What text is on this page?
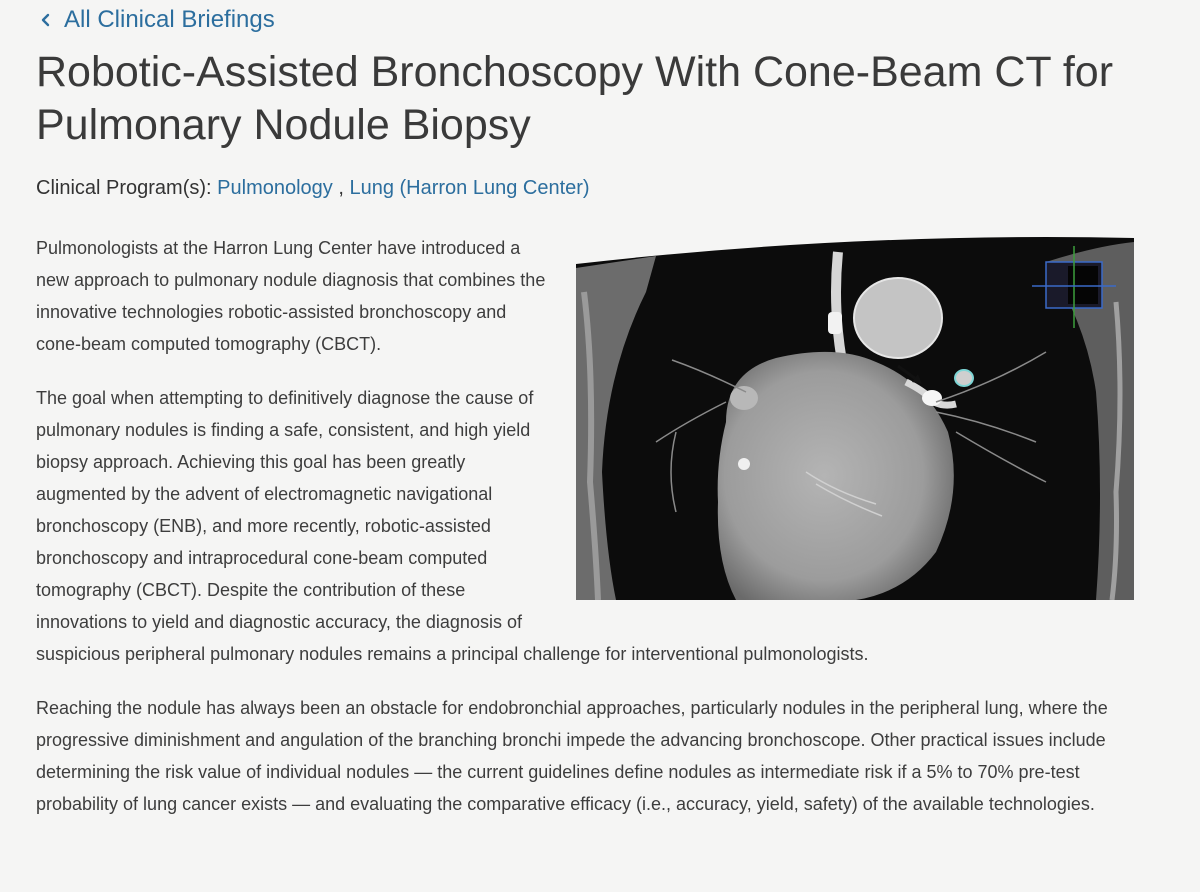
All Clinical Briefings
Robotic-Assisted Bronchoscopy With Cone-Beam CT for Pulmonary Nodule Biopsy
Clinical Program(s): Pulmonology , Lung (Harron Lung Center)

Pulmonologists at the Harron Lung Center have introduced a new approach to pulmonary nodule diagnosis that combines the innovative technologies robotic-assisted bronchoscopy and cone-beam computed tomography (CBCT).

The goal when attempting to definitively diagnose the cause of pulmonary nodules is finding a safe, consistent, and high yield biopsy approach. Achieving this goal has been greatly augmented by the advent of electromagnetic navigational bronchoscopy (ENB), and more recently, robotic-assisted bronchoscopy and intraprocedural cone-beam computed tomography (CBCT). Despite the contribution of these innovations to yield and diagnostic accuracy, the diagnosis of suspicious peripheral pulmonary nodules remains a principal challenge for interventional pulmonologists.

Reaching the nodule has always been an obstacle for endobronchial approaches, particularly nodules in the peripheral lung, where the progressive diminishment and angulation of the branching bronchi impede the advancing bronchoscope. Other practical issues include determining the risk value of individual nodules — the current guidelines define nodules as intermediate risk if a 5% to 70% pre-test probability of lung cancer exists — and evaluating the comparative efficacy (i.e., accuracy, yield, safety) of the available technologies.
